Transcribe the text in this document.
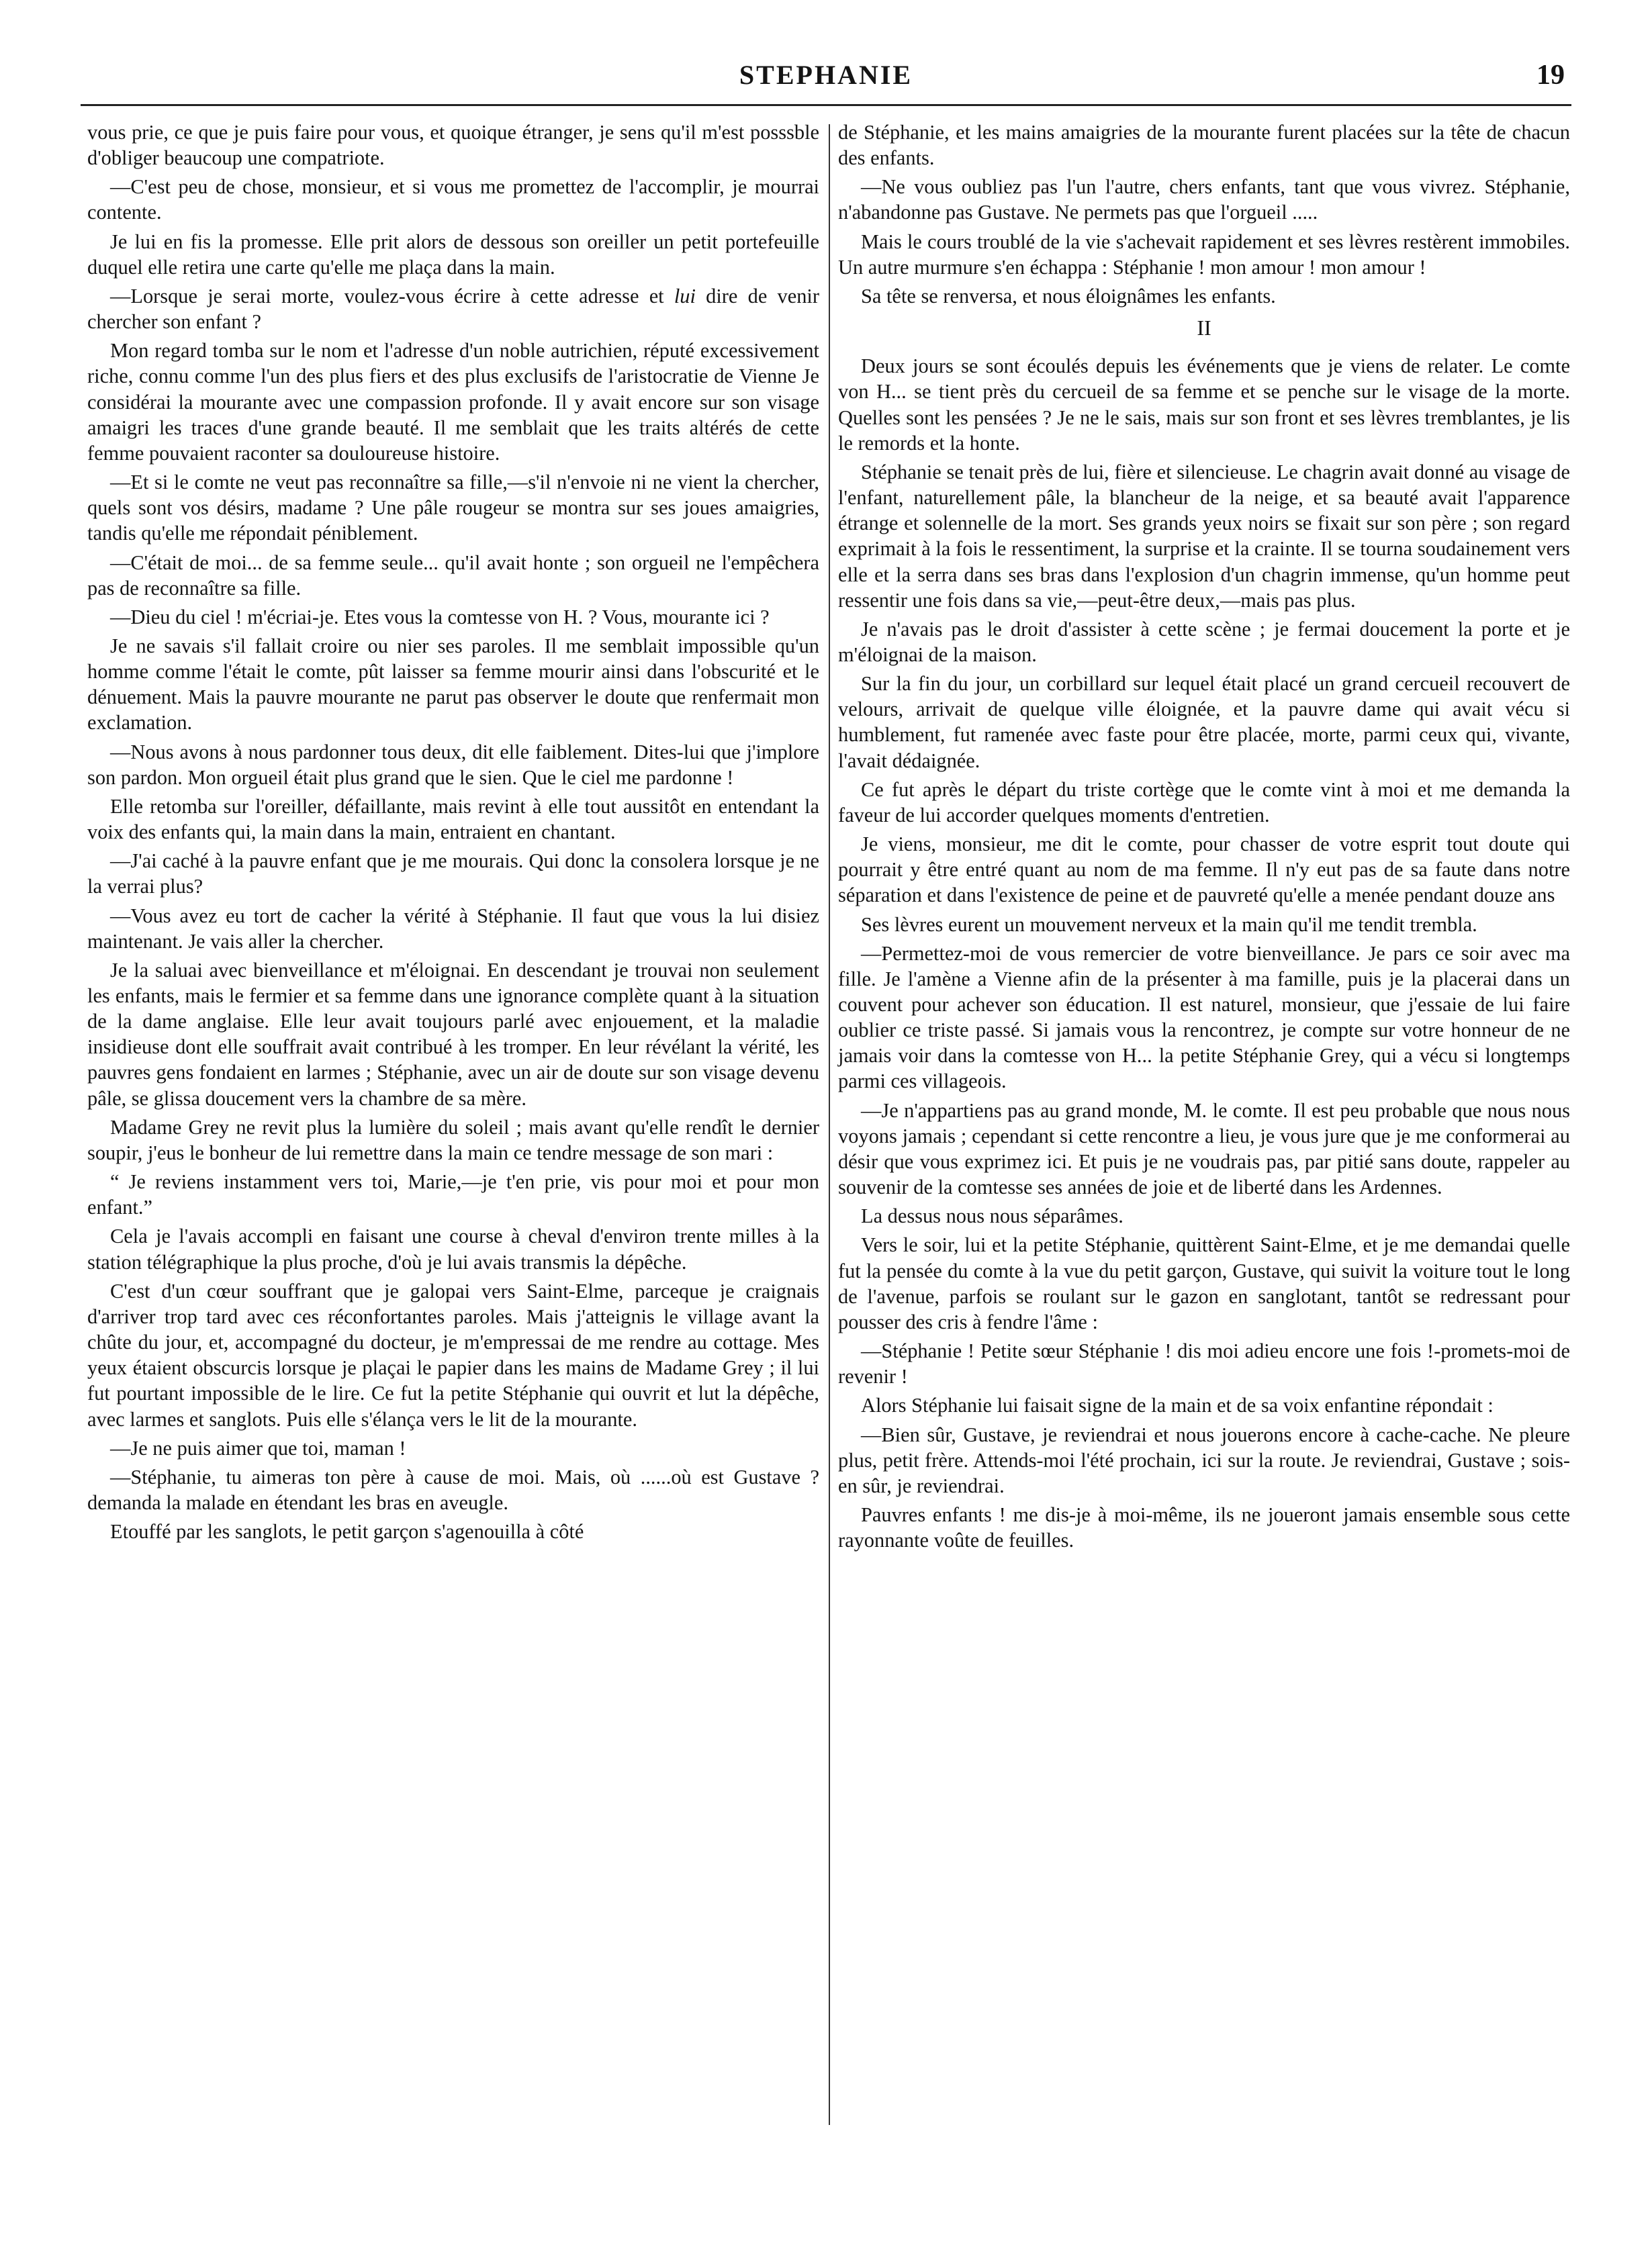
STEPHANIE	19

vous prie, ce que je puis faire pour vous, et quoique étranger, je sens qu'il m'est posssble d'obliger beaucoup une compatriote.

—C'est peu de chose, monsieur, et si vous me promettez de l'accomplir, je mourrai contente.

Je lui en fis la promesse. Elle prit alors de dessous son oreiller un petit portefeuille duquel elle retira une carte qu'elle me plaça dans la main.

—Lorsque je serai morte, voulez-vous écrire à cette adresse et lui dire de venir chercher son enfant ?

Mon regard tomba sur le nom et l'adresse d'un noble autrichien, réputé excessivement riche, connu comme l'un des plus fiers et des plus exclusifs de l'aristocratie de Vienne Je considérai la mourante avec une compassion profonde. Il y avait encore sur son visage amaigri les traces d'une grande beauté. Il me semblait que les traits altérés de cette femme pouvaient raconter sa douloureuse histoire.

—Et si le comte ne veut pas reconnaître sa fille,—s'il n'envoie ni ne vient la chercher, quels sont vos désirs, madame ? Une pâle rougeur se montra sur ses joues amaigries, tandis qu'elle me répondait péniblement.

—C'était de moi... de sa femme seule... qu'il avait honte ; son orgueil ne l'empêchera pas de reconnaître sa fille.

—Dieu du ciel ! m'écriai-je. Etes vous la comtesse von H. ? Vous, mourante ici ?

Je ne savais s'il fallait croire ou nier ses paroles. Il me semblait impossible qu'un homme comme l'était le comte, pût laisser sa femme mourir ainsi dans l'obscurité et le dénuement. Mais la pauvre mourante ne parut pas observer le doute que renfermait mon exclamation.

—Nous avons à nous pardonner tous deux, dit elle faiblement. Dites-lui que j'implore son pardon. Mon orgueil était plus grand que le sien. Que le ciel me pardonne !

Elle retomba sur l'oreiller, défaillante, mais revint à elle tout aussitôt en entendant la voix des enfants qui, la main dans la main, entraient en chantant.

—J'ai caché à la pauvre enfant que je me mourais. Qui donc la consolera lorsque je ne la verrai plus?

—Vous avez eu tort de cacher la vérité à Stéphanie. Il faut que vous la lui disiez maintenant. Je vais aller la chercher.

Je la saluai avec bienveillance et m'éloignai. En descendant je trouvai non seulement les enfants, mais le fermier et sa femme dans une ignorance complète quant à la situation de la dame anglaise. Elle leur avait toujours parlé avec enjouement, et la maladie insidieuse dont elle souffrait avait contribué à les tromper. En leur révélant la vérité, les pauvres gens fondaient en larmes ; Stéphanie, avec un air de doute sur son visage devenu pâle, se glissa doucement vers la chambre de sa mère.

Madame Grey ne revit plus la lumière du soleil ; mais avant qu'elle rendît le dernier soupir, j'eus le bonheur de lui remettre dans la main ce tendre message de son mari :

“ Je reviens instamment vers toi, Marie,—je t'en prie, vis pour moi et pour mon enfant.”

Cela je l'avais accompli en faisant une course à cheval d'environ trente milles à la station télégraphique la plus proche, d'où je lui avais transmis la dépêche.

C'est d'un cœur souffrant que je galopai vers Saint-Elme, parceque je craignais d'arriver trop tard avec ces réconfortantes paroles. Mais j'atteignis le village avant la chûte du jour, et, accompagné du docteur, je m'empressai de me rendre au cottage. Mes yeux étaient obscurcis lorsque je plaçai le papier dans les mains de Madame Grey ; il lui fut pourtant impossible de le lire. Ce fut la petite Stéphanie qui ouvrit et lut la dépêche, avec larmes et sanglots. Puis elle s'élança vers le lit de la mourante.

—Je ne puis aimer que toi, maman !

—Stéphanie, tu aimeras ton père à cause de moi. Mais, où ......où est Gustave ? demanda la malade en étendant les bras en aveugle.

Etouffé par les sanglots, le petit garçon s'agenouilla à côté

de Stéphanie, et les mains amaigries de la mourante furent placées sur la tête de chacun des enfants.

—Ne vous oubliez pas l'un l'autre, chers enfants, tant que vous vivrez. Stéphanie, n'abandonne pas Gustave. Ne permets pas que l'orgueil .....

Mais le cours troublé de la vie s'achevait rapidement et ses lèvres restèrent immobiles. Un autre murmure s'en échappa : Stéphanie ! mon amour ! mon amour !

Sa tête se renversa, et nous éloignâmes les enfants.

II

Deux jours se sont écoulés depuis les événements que je viens de relater. Le comte von H... se tient près du cercueil de sa femme et se penche sur le visage de la morte. Quelles sont les pensées ? Je ne le sais, mais sur son front et ses lèvres tremblantes, je lis le remords et la honte.

Stéphanie se tenait près de lui, fière et silencieuse. Le chagrin avait donné au visage de l'enfant, naturellement pâle, la blancheur de la neige, et sa beauté avait l'apparence étrange et solennelle de la mort. Ses grands yeux noirs se fixait sur son père ; son regard exprimait à la fois le ressentiment, la surprise et la crainte. Il se tourna soudainement vers elle et la serra dans ses bras dans l'explosion d'un chagrin immense, qu'un homme peut ressentir une fois dans sa vie,—peut-être deux,—mais pas plus.

Je n'avais pas le droit d'assister à cette scène ; je fermai doucement la porte et je m'éloignai de la maison.

Sur la fin du jour, un corbillard sur lequel était placé un grand cercueil recouvert de velours, arrivait de quelque ville éloignée, et la pauvre dame qui avait vécu si humblement, fut ramenée avec faste pour être placée, morte, parmi ceux qui, vivante, l'avait dédaignée.

Ce fut après le départ du triste cortège que le comte vint à moi et me demanda la faveur de lui accorder quelques moments d'entretien.

Je viens, monsieur, me dit le comte, pour chasser de votre esprit tout doute qui pourrait y être entré quant au nom de ma femme. Il n'y eut pas de sa faute dans notre séparation et dans l'existence de peine et de pauvreté qu'elle a menée pendant douze ans

Ses lèvres eurent un mouvement nerveux et la main qu'il me tendit trembla.

—Permettez-moi de vous remercier de votre bienveillance. Je pars ce soir avec ma fille. Je l'amène a Vienne afin de la présenter à ma famille, puis je la placerai dans un couvent pour achever son éducation. Il est naturel, monsieur, que j'essaie de lui faire oublier ce triste passé. Si jamais vous la rencontrez, je compte sur votre honneur de ne jamais voir dans la comtesse von H... la petite Stéphanie Grey, qui a vécu si longtemps parmi ces villageois.

—Je n'appartiens pas au grand monde, M. le comte. Il est peu probable que nous nous voyons jamais ; cependant si cette rencontre a lieu, je vous jure que je me conformerai au désir que vous exprimez ici. Et puis je ne voudrais pas, par pitié sans doute, rappeler au souvenir de la comtesse ses années de joie et de liberté dans les Ardennes.

La dessus nous nous séparâmes.

Vers le soir, lui et la petite Stéphanie, quittèrent Saint-Elme, et je me demandai quelle fut la pensée du comte à la vue du petit garçon, Gustave, qui suivit la voiture tout le long de l'avenue, parfois se roulant sur le gazon en sanglotant, tantôt se redressant pour pousser des cris à fendre l'âme :

—Stéphanie ! Petite sœur Stéphanie ! dis moi adieu encore une fois !-promets-moi de revenir !

Alors Stéphanie lui faisait signe de la main et de sa voix enfantine répondait :

—Bien sûr, Gustave, je reviendrai et nous jouerons encore à cache-cache. Ne pleure plus, petit frère. Attends-moi l'été prochain, ici sur la route. Je reviendrai, Gustave ; sois-en sûr, je reviendrai.

Pauvres enfants ! me dis-je à moi-même, ils ne joueront jamais ensemble sous cette rayonnante voûte de feuilles.
